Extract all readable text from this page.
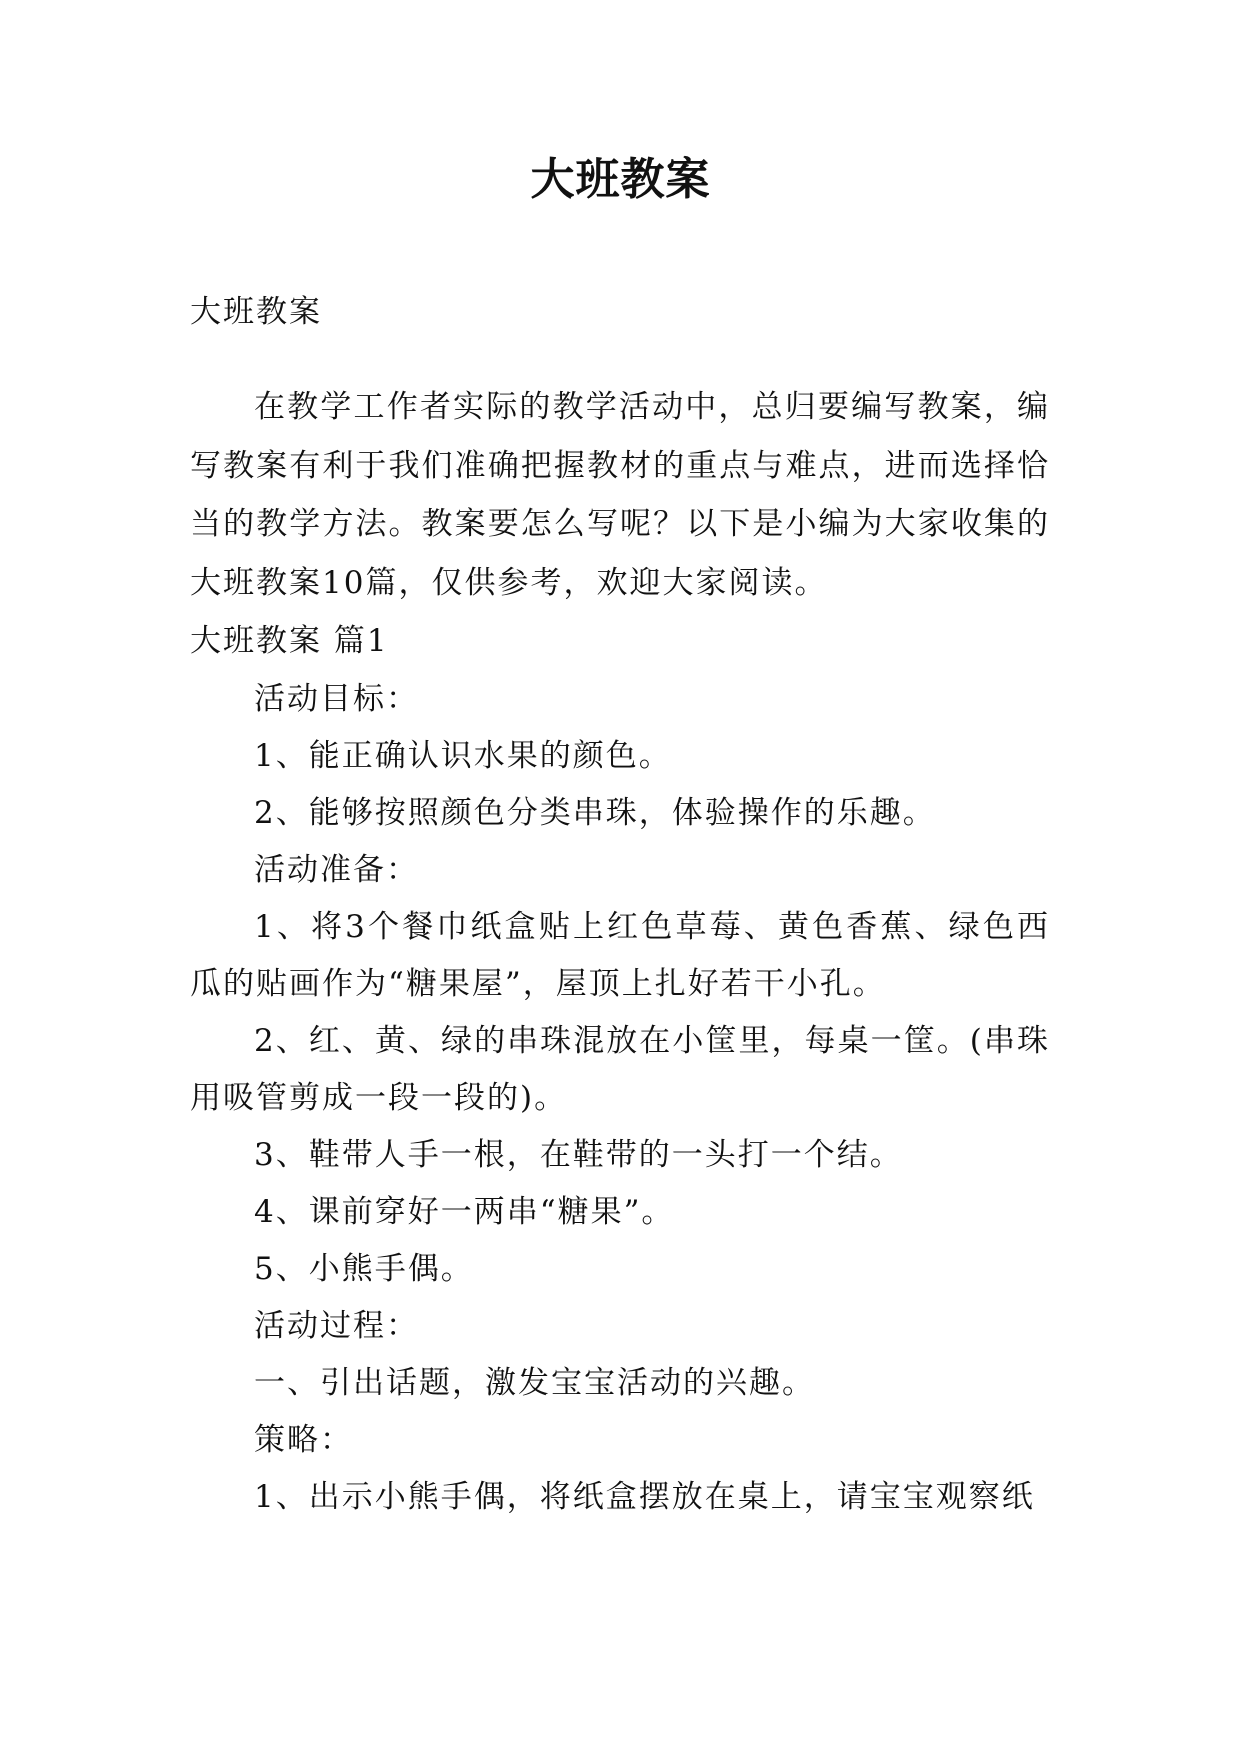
大班教案

大班教案

在教学工作者实际的教学活动中，总归要编写教案，编写教案有利于我们准确把握教材的重点与难点，进而选择恰当的教学方法。教案要怎么写呢？以下是小编为大家收集的大班教案10篇，仅供参考，欢迎大家阅读。

大班教案 篇1

活动目标：

1、能正确认识水果的颜色。

2、能够按照颜色分类串珠，体验操作的乐趣。

活动准备：

1、将3个餐巾纸盒贴上红色草莓、黄色香蕉、绿色西瓜的贴画作为“糖果屋”，屋顶上扎好若干小孔。

2、红、黄、绿的串珠混放在小筐里，每桌一筐。(串珠用吸管剪成一段一段的)。

3、鞋带人手一根，在鞋带的一头打一个结。

4、课前穿好一两串“糖果”。

5、小熊手偶。

活动过程：

一、引出话题，激发宝宝活动的兴趣。

策略：

1、出示小熊手偶，将纸盒摆放在桌上，请宝宝观察纸
